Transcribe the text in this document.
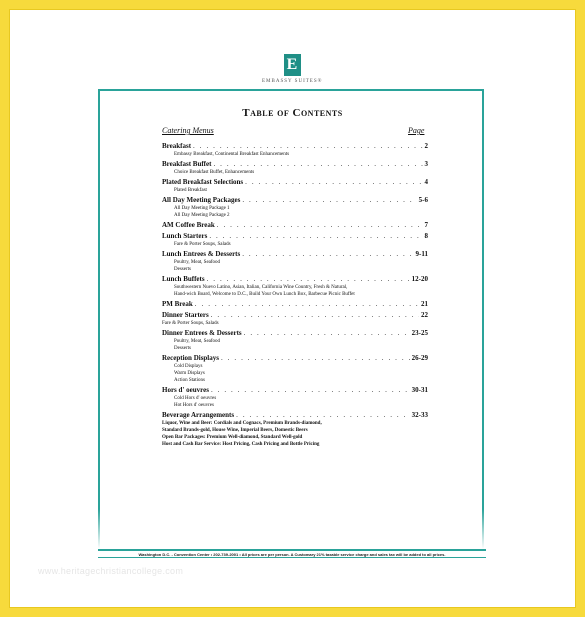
E
EMBASSY SUITES®
Table of Contents
Catering Menus	Page
Breakfast . . .	2
Embassy Breakfast, Continental Breakfast Enhancements
Breakfast Buffet . . .	3
Choice Breakfast Buffet, Enhancements
Plated Breakfast Selections . . .	4
Plated Breakfast
All Day Meeting Packages . . .	5-6
All Day Meeting Package 1
All Day Meeting Package 2
AM Coffee Break . . .	7
Lunch Starters . . .	8
Fare & Porter Soups, Salads
Lunch Entrees & Desserts . . .	9-11
Poultry, Meat, Seafood
Desserts
Lunch Buffets . . .	12-20
Southwestern Nuevo Latino, Asian, Italian, California Wine Country, Fresh & Natural,
Hand-wich Board, Welcome to D.C., Build Your Own Lunch Box, Barbecue Picnic Buffet
PM Break . . .	21
Dinner Starters . . .	22
Fare & Porter Soups, Salads
Dinner Entrees & Desserts . . .	23-25
Poultry, Meat, Seafood
Desserts
Reception Displays . . .	26-29
Cold Displays
Warm Displays
Action Stations
Hors d' oeuvres . . .	30-31
Cold Hors d' oeuvres
Hot Hors d' oeuvres
Beverage Arrangements . . .	32-33
Liquor, Wine and Beer: Cordials and Cognacs, Premium Brands-diamond,
Standard Brands-gold, House Wine, Imperial Beers, Domestic Beers
Open Bar Packages: Premium Well-diamond, Standard Well-gold
Host and Cash Bar Service: Host Pricing, Cash Pricing and Bottle Pricing
Washington D.C. - Convention Center • 202-739-2001 • All prices are per person. A Customary 21% taxable service charge and sales tax will be added to all prices.
www.heritagechristiancollege.com
